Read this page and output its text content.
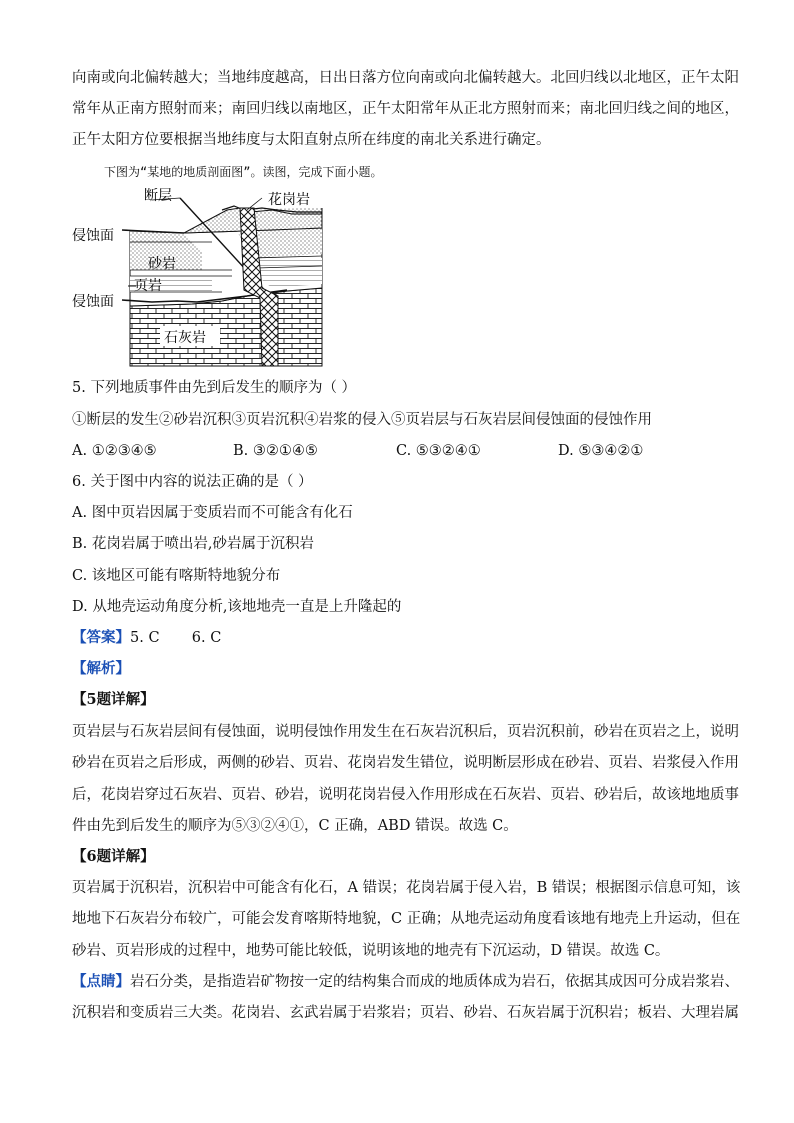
向南或向北偏转越大；当地纬度越高，日出日落方位向南或向北偏转越大。北回归线以北地区，正午太阳
常年从正南方照射而来；南回归线以南地区，正午太阳常年从正北方照射而来；南北回归线之间的地区，
正午太阳方位要根据当地纬度与太阳直射点所在纬度的南北关系进行确定。
下图为“某地的地质剖面图”。读图，完成下面小题。
断层	花岗岩
侵蚀面
砂岩
页岩
侵蚀面
石灰岩
5. 下列地质事件由先到后发生的顺序为（ ）
①断层的发生②砂岩沉积③页岩沉积④岩浆的侵入⑤页岩层与石灰岩层间侵蚀面的侵蚀作用
A. ①②③④⑤	B. ③②①④⑤	C. ⑤③②④①	D. ⑤③④②①
6. 关于图中内容的说法正确的是（ ）
A. 图中页岩因属于变质岩而不可能含有化石
B. 花岗岩属于喷出岩,砂岩属于沉积岩
C. 该地区可能有喀斯特地貌分布
D. 从地壳运动角度分析,该地地壳一直是上升隆起的
【答案】5. C       6. C
【解析】
【5题详解】
页岩层与石灰岩层间有侵蚀面，说明侵蚀作用发生在石灰岩沉积后，页岩沉积前，砂岩在页岩之上，说明
砂岩在页岩之后形成，两侧的砂岩、页岩、花岗岩发生错位，说明断层形成在砂岩、页岩、岩浆侵入作用
后，花岗岩穿过石灰岩、页岩、砂岩，说明花岗岩侵入作用形成在石灰岩、页岩、砂岩后，故该地地质事
件由先到后发生的顺序为⑤③②④①，C 正确，ABD 错误。故选 C。
【6题详解】
页岩属于沉积岩，沉积岩中可能含有化石，A 错误；花岗岩属于侵入岩，B 错误；根据图示信息可知，该
地地下石灰岩分布较广，可能会发育喀斯特地貌，C 正确；从地壳运动角度看该地有地壳上升运动，但在
砂岩、页岩形成的过程中，地势可能比较低，说明该地的地壳有下沉运动，D 错误。故选 C。
【点睛】岩石分类，是指造岩矿物按一定的结构集合而成的地质体成为岩石，依据其成因可分成岩浆岩、
沉积岩和变质岩三大类。花岗岩、玄武岩属于岩浆岩；页岩、砂岩、石灰岩属于沉积岩；板岩、大理岩属
